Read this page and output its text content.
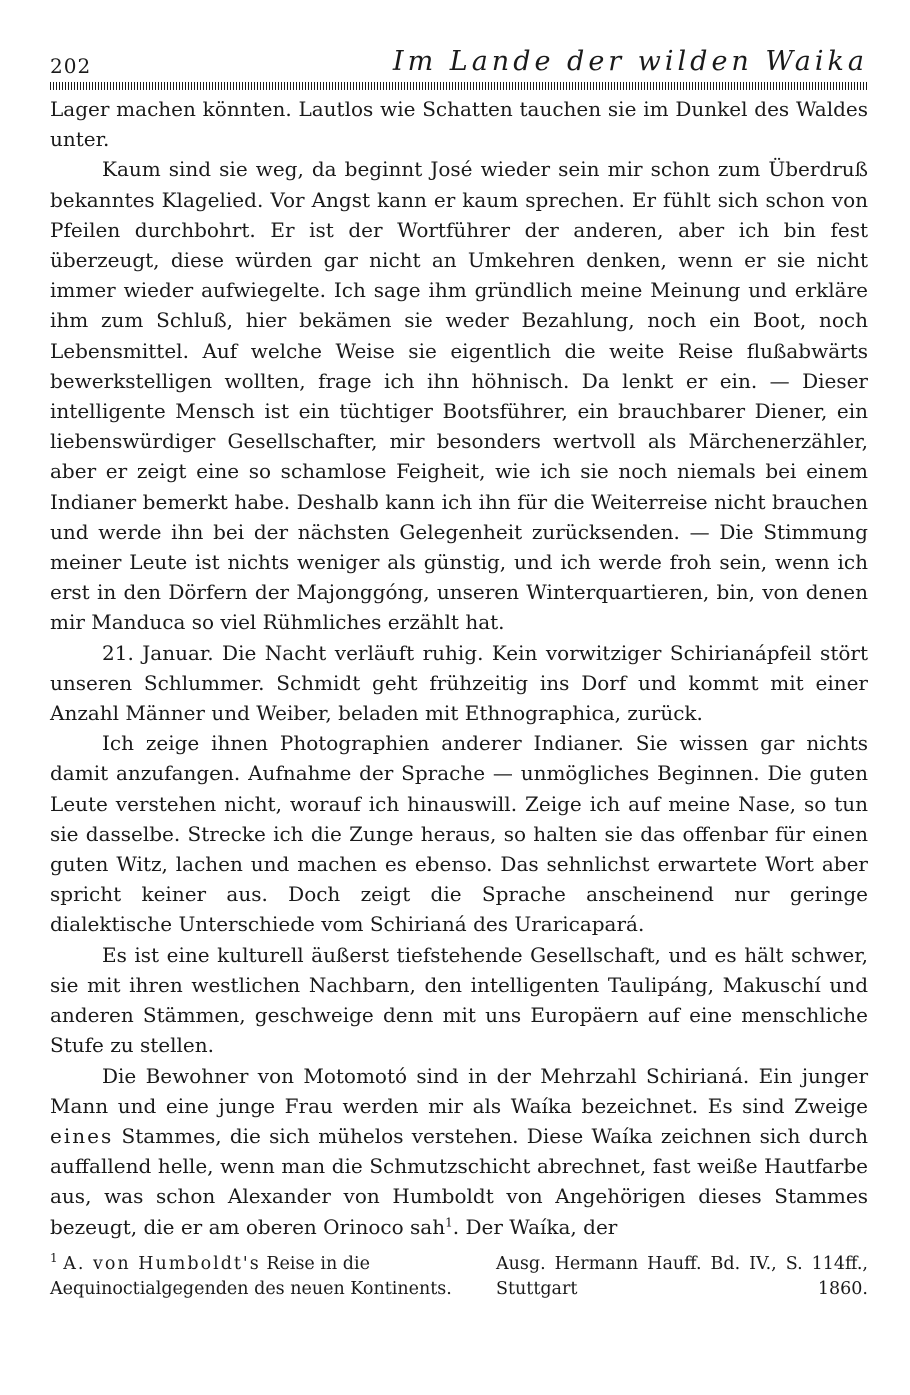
202	Im Lande der wilden Waika

Lager machen könnten. Lautlos wie Schatten tauchen sie im Dunkel des Waldes unter.

Kaum sind sie weg, da beginnt José wieder sein mir schon zum Überdruß bekanntes Klagelied. Vor Angst kann er kaum sprechen. Er fühlt sich schon von Pfeilen durchbohrt. Er ist der Wortführer der anderen, aber ich bin fest überzeugt, diese würden gar nicht an Umkehren denken, wenn er sie nicht immer wieder aufwiegelte. Ich sage ihm gründlich meine Meinung und erkläre ihm zum Schluß, hier bekämen sie weder Bezahlung, noch ein Boot, noch Lebensmittel. Auf welche Weise sie eigentlich die weite Reise flußabwärts bewerkstelligen wollten, frage ich ihn höhnisch. Da lenkt er ein. — Dieser intelligente Mensch ist ein tüchtiger Bootsführer, ein brauchbarer Diener, ein liebenswürdiger Gesellschafter, mir besonders wertvoll als Märchenerzähler, aber er zeigt eine so schamlose Feigheit, wie ich sie noch niemals bei einem Indianer bemerkt habe. Deshalb kann ich ihn für die Weiterreise nicht brauchen und werde ihn bei der nächsten Gelegenheit zurücksenden. — Die Stimmung meiner Leute ist nichts weniger als günstig, und ich werde froh sein, wenn ich erst in den Dörfern der Majonggóng, unseren Winterquartieren, bin, von denen mir Manduca so viel Rühmliches erzählt hat.

21. Januar. Die Nacht verläuft ruhig. Kein vorwitziger Schirianápfeil stört unseren Schlummer. Schmidt geht frühzeitig ins Dorf und kommt mit einer Anzahl Männer und Weiber, beladen mit Ethnographica, zurück.

Ich zeige ihnen Photographien anderer Indianer. Sie wissen gar nichts damit anzufangen. Aufnahme der Sprache — unmögliches Beginnen. Die guten Leute verstehen nicht, worauf ich hinauswill. Zeige ich auf meine Nase, so tun sie dasselbe. Strecke ich die Zunge heraus, so halten sie das offenbar für einen guten Witz, lachen und machen es ebenso. Das sehnlichst erwartete Wort aber spricht keiner aus. Doch zeigt die Sprache anscheinend nur geringe dialektische Unterschiede vom Schirianá des Uraricapará.

Es ist eine kulturell äußerst tiefstehende Gesellschaft, und es hält schwer, sie mit ihren westlichen Nachbarn, den intelligenten Taulipáng, Makuschí und anderen Stämmen, geschweige denn mit uns Europäern auf eine menschliche Stufe zu stellen.

Die Bewohner von Motomotó sind in der Mehrzahl Schirianá. Ein junger Mann und eine junge Frau werden mir als Waíka bezeichnet. Es sind Zweige eines Stammes, die sich mühelos verstehen. Diese Waíka zeichnen sich durch auffallend helle, wenn man die Schmutzschicht abrechnet, fast weiße Hautfarbe aus, was schon Alexander von Humboldt von Angehörigen dieses Stammes bezeugt, die er am oberen Orinoco sah$^1$. Der Waíka, der

$^1$ A. von Humboldt's Reise in die Aequinoctialgegenden des neuen Kontinents.
Ausg. Hermann Hauff. Bd. IV., S. 114ff., Stuttgart 1860.
